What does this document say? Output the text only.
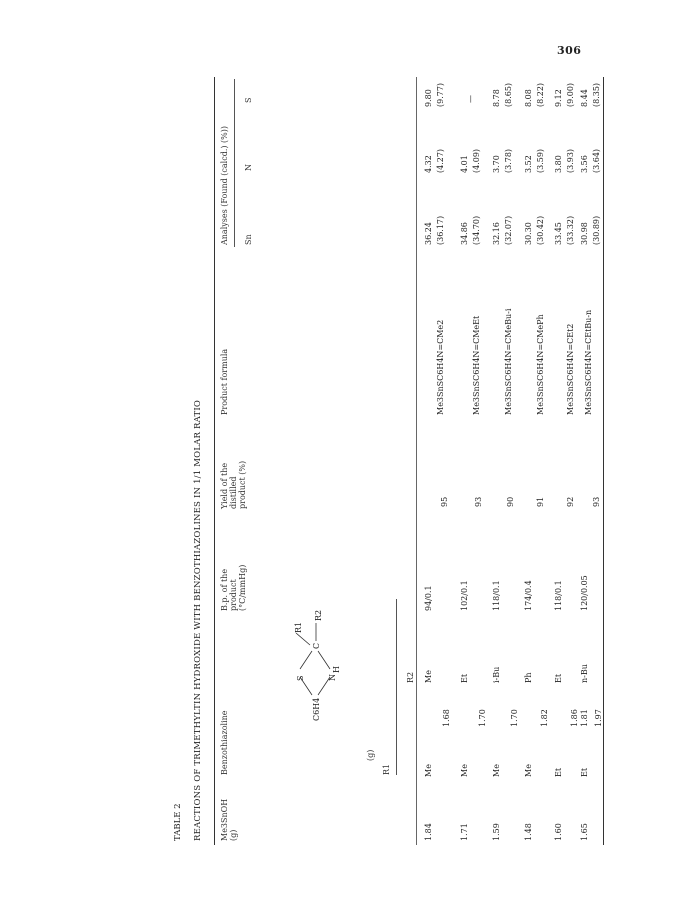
306
TABLE 2 REACTIONS OF TRIMETHYLTIN HYDROXIDE WITH BENZOTHIAZOLINES IN 1/1 MOLAR RATIO Me3SnOH (g)
Benzothiazoline
C6H4
S	N
H
C
R1
R2
(g)
R1
R2
B.p. of the product (°C/mmHg)
Yield of the distilled product (%)
Product formula
Analyses (Found (calcd.) (%)) Sn
N
S
1.84
Me
1.68
Me
94/0.1
95
Me3SnSC6H4N=CMe2
36.24 (36.17)
4.32 (4.27)
9.80 (9.77)
1.71
Me
1.70
Et
102/0.1
93
Me3SnSC6H4N=CMeEt
34.86 (34.70)
4.01 (4.09)
—
1.59
Me
1.70
i-Bu
118/0.1
90
Me3SnSC6H4N=CMeBu-i
32.16 (32.07)
3.70 (3.78)
8.78 (8.65)
1.48
Me
1.82
Ph
174/0.4
91
Me3SnSC6H4N=CMePh
30.30 (30.42)
3.52 (3.59)
8.08 (8.22)
1.60
Et
1.86
Et
118/0.1
92
Me3SnSC6H4N=CEt2
33.45 (33.32)
3.80 (3.93)
9.12 (9.00)
1.65
Et
1.81
n-Bu
120/0.05
93
Me3SnSC6H4N=CEtBu-n
30.98 (30.89)
3.56 (3.64)
8.44 (8.35)
1.97
